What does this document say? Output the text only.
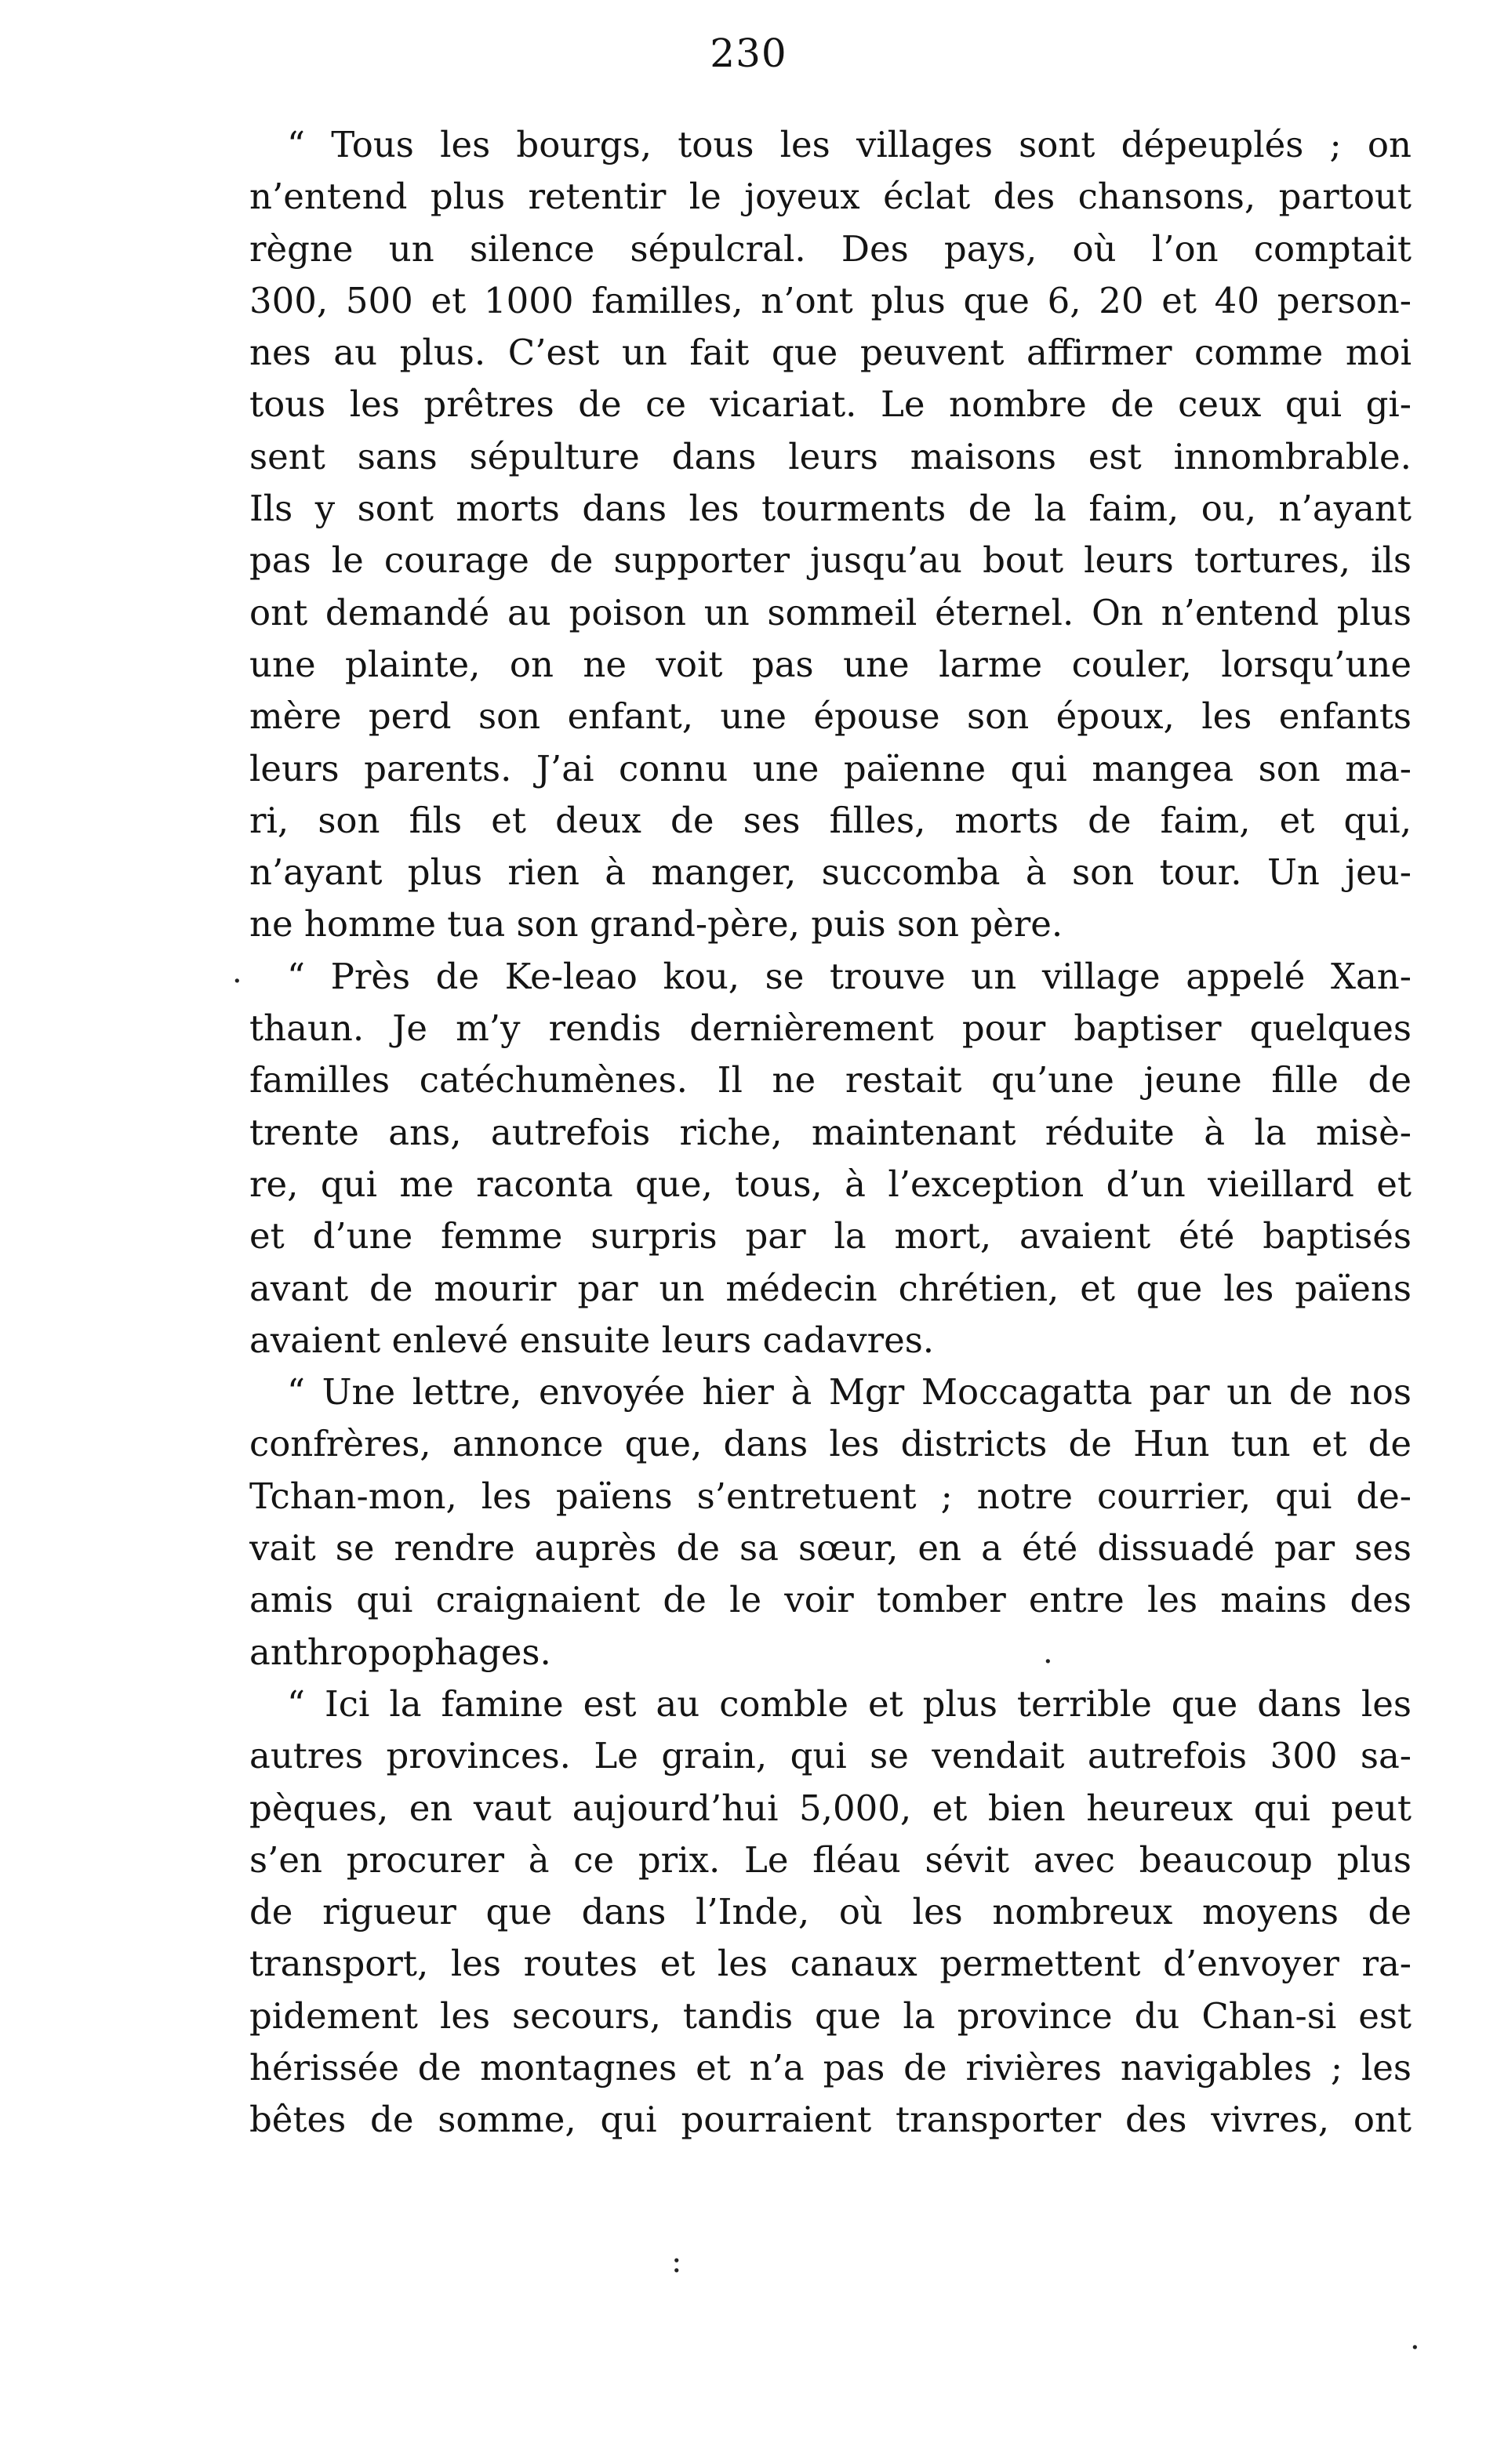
230
“ Tous les bourgs, tous les villages sont dépeuplés ; on
n’entend plus retentir le joyeux éclat des chansons, partout
règne un silence sépulcral. Des pays, où l’on comptait
300, 500 et 1000 familles, n’ont plus que 6, 20 et 40 person-
nes au plus. C’est un fait que peuvent affirmer comme moi
tous les prêtres de ce vicariat. Le nombre de ceux qui gi-
sent sans sépulture dans leurs maisons est innombrable.
Ils y sont morts dans les tourments de la faim, ou, n’ayant
pas le courage de supporter jusqu’au bout leurs tortures, ils
ont demandé au poison un sommeil éternel. On n’entend plus
une plainte, on ne voit pas une larme couler, lorsqu’une
mère perd son enfant, une épouse son époux, les enfants
leurs parents. J’ai connu une païenne qui mangea son ma-
ri, son fils et deux de ses filles, morts de faim, et qui,
n’ayant plus rien à manger, succomba à son tour. Un jeu-
ne homme tua son grand-père, puis son père.
“ Près de Ke-leao kou, se trouve un village appelé Xan-
thaun. Je m’y rendis dernièrement pour baptiser quelques
familles catéchumènes. Il ne restait qu’une jeune fille de
trente ans, autrefois riche, maintenant réduite à la misè-
re, qui me raconta que, tous, à l’exception d’un vieillard et
et d’une femme surpris par la mort, avaient été baptisés
avant de mourir par un médecin chrétien, et que les païens
avaient enlevé ensuite leurs cadavres.
“ Une lettre, envoyée hier à Mgr Moccagatta par un de nos
confrères, annonce que, dans les districts de Hun tun et de
Tchan-mon, les païens s’entretuent ; notre courrier, qui de-
vait se rendre auprès de sa sœur, en a été dissuadé par ses
amis qui craignaient de le voir tomber entre les mains des
anthropophages.
“ Ici la famine est au comble et plus terrible que dans les
autres provinces. Le grain, qui se vendait autrefois 300 sa-
pèques, en vaut aujourd’hui 5,000, et bien heureux qui peut
s’en procurer à ce prix. Le fléau sévit avec beaucoup plus
de rigueur que dans l’Inde, où les nombreux moyens de
transport, les routes et les canaux permettent d’envoyer ra-
pidement les secours, tandis que la province du Chan-si est
hérissée de montagnes et n’a pas de rivières navigables ; les
bêtes de somme, qui pourraient transporter des vivres, ont
·
·
:
·
